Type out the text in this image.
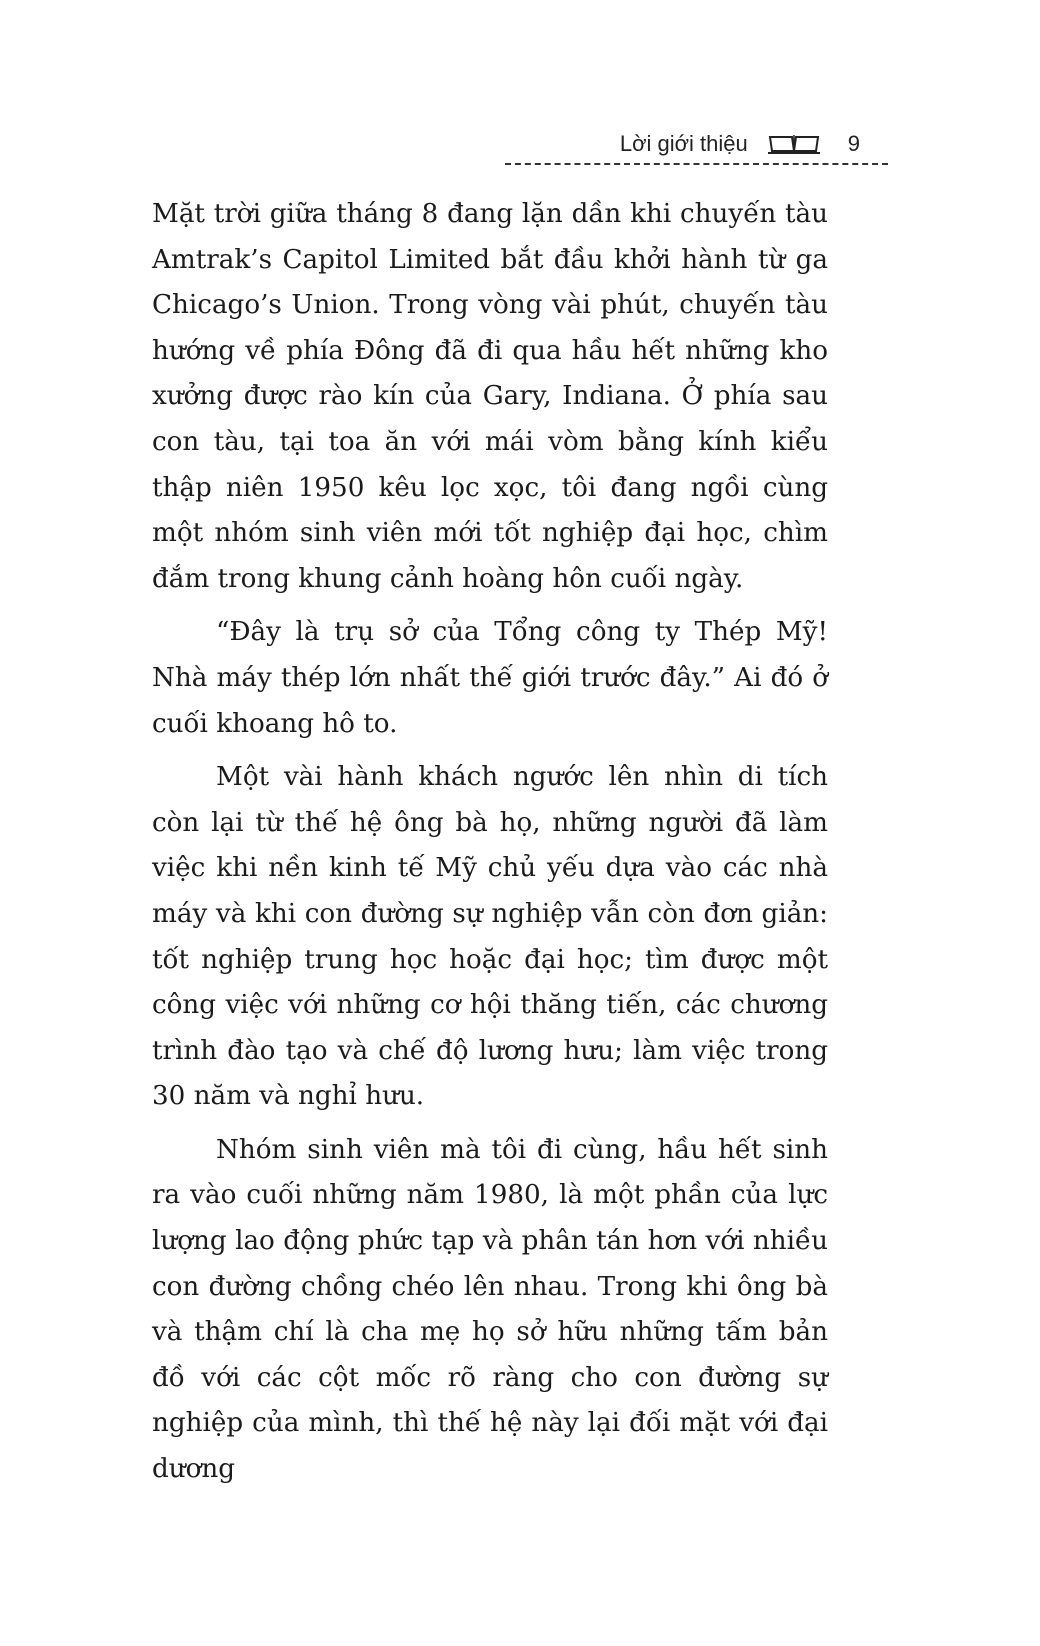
Lời giới thiệu	9

Mặt trời giữa tháng 8 đang lặn dần khi chuyến tàu Amtrak’s Capitol Limited bắt đầu khởi hành từ ga Chicago’s Union. Trong vòng vài phút, chuyến tàu hướng về phía Đông đã đi qua hầu hết những kho xưởng được rào kín của Gary, Indiana. Ở phía sau con tàu, tại toa ăn với mái vòm bằng kính kiểu thập niên 1950 kêu lọc xọc, tôi đang ngồi cùng một nhóm sinh viên mới tốt nghiệp đại học, chìm đắm trong khung cảnh hoàng hôn cuối ngày.

“Đây là trụ sở của Tổng công ty Thép Mỹ! Nhà máy thép lớn nhất thế giới trước đây.” Ai đó ở cuối khoang hô to.

Một vài hành khách ngước lên nhìn di tích còn lại từ thế hệ ông bà họ, những người đã làm việc khi nền kinh tế Mỹ chủ yếu dựa vào các nhà máy và khi con đường sự nghiệp vẫn còn đơn giản: tốt nghiệp trung học hoặc đại học; tìm được một công việc với những cơ hội thăng tiến, các chương trình đào tạo và chế độ lương hưu; làm việc trong 30 năm và nghỉ hưu.

Nhóm sinh viên mà tôi đi cùng, hầu hết sinh ra vào cuối những năm 1980, là một phần của lực lượng lao động phức tạp và phân tán hơn với nhiều con đường chồng chéo lên nhau. Trong khi ông bà và thậm chí là cha mẹ họ sở hữu những tấm bản đồ với các cột mốc rõ ràng cho con đường sự nghiệp của mình, thì thế hệ này lại đối mặt với đại dương
